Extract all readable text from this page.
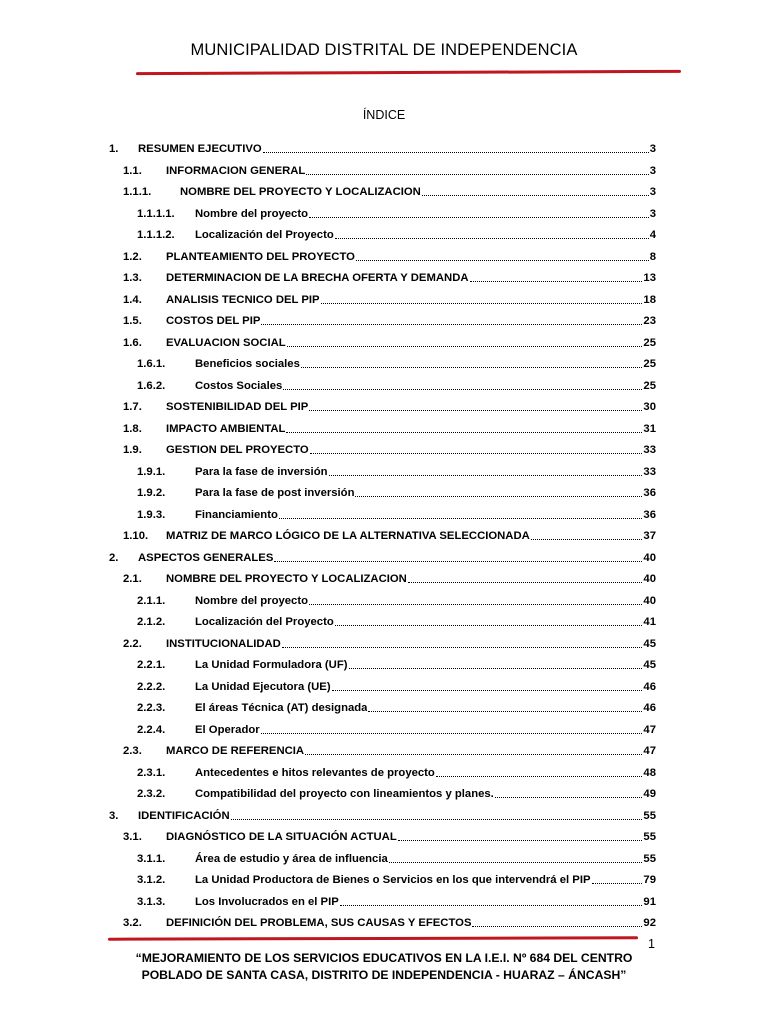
MUNICIPALIDAD DISTRITAL DE INDEPENDENCIA
ÍNDICE
1.	RESUMEN EJECUTIVO	3
1.1.	INFORMACION GENERAL	3
1.1.1.	NOMBRE DEL PROYECTO Y LOCALIZACION	3
1.1.1.1.	Nombre del proyecto	3
1.1.1.2.	Localización del Proyecto	4
1.2.	PLANTEAMIENTO DEL PROYECTO	8
1.3.	DETERMINACION DE LA BRECHA OFERTA Y DEMANDA	13
1.4.	ANALISIS TECNICO DEL PIP	18
1.5.	COSTOS DEL PIP	23
1.6.	EVALUACION SOCIAL	25
1.6.1.	Beneficios sociales	25
1.6.2.	Costos Sociales	25
1.7.	SOSTENIBILIDAD DEL PIP	30
1.8.	IMPACTO AMBIENTAL	31
1.9.	GESTION DEL PROYECTO	33
1.9.1.	Para la fase de inversión	33
1.9.2.	Para la fase de post inversión	36
1.9.3.	Financiamiento	36
1.10.	MATRIZ DE MARCO LÓGICO DE LA ALTERNATIVA SELECCIONADA	37
2.	ASPECTOS GENERALES	40
2.1.	NOMBRE DEL PROYECTO Y LOCALIZACION	40
2.1.1.	Nombre del proyecto	40
2.1.2.	Localización del Proyecto	41
2.2.	INSTITUCIONALIDAD	45
2.2.1.	La Unidad Formuladora (UF)	45
2.2.2.	La Unidad Ejecutora (UE)	46
2.2.3.	El áreas Técnica (AT) designada	46
2.2.4.	El Operador	47
2.3.	MARCO DE REFERENCIA	47
2.3.1.	Antecedentes e hitos relevantes de proyecto	48
2.3.2.	Compatibilidad del proyecto con lineamientos y planes.	49
3.	IDENTIFICACIÓN	55
3.1.	DIAGNÓSTICO DE LA SITUACIÓN ACTUAL	55
3.1.1.	Área de estudio y área de influencia	55
3.1.2.	La Unidad Productora de Bienes o Servicios en los que intervendrá el PIP	79
3.1.3.	Los Involucrados en el PIP	91
3.2.	DEFINICIÓN DEL PROBLEMA, SUS CAUSAS Y EFECTOS	92
1
“MEJORAMIENTO DE LOS SERVICIOS EDUCATIVOS EN LA I.E.I. Nº 684 DEL CENTRO
POBLADO DE SANTA CASA, DISTRITO DE INDEPENDENCIA - HUARAZ – ÁNCASH”
